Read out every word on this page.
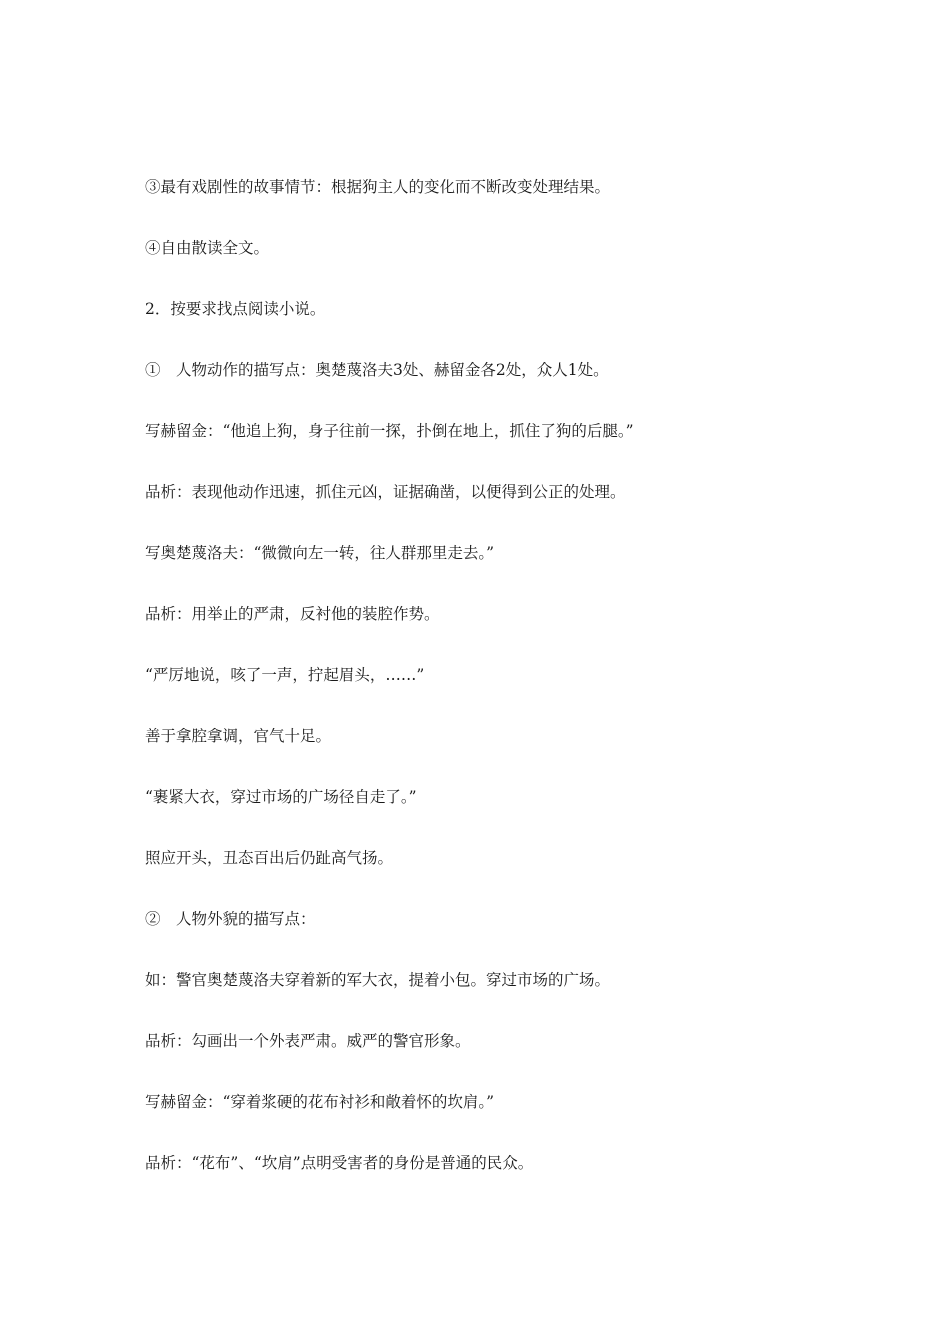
③最有戏剧性的故事情节：根据狗主人的变化而不断改变处理结果。

④自由散读全文。

2．按要求找点阅读小说。

①　人物动作的描写点：奥楚蔑洛夫3处、赫留金各2处，众人1处。

写赫留金：“他追上狗，身子往前一探，扑倒在地上，抓住了狗的后腿。”

品析：表现他动作迅速，抓住元凶，证据确凿，以便得到公正的处理。

写奥楚蔑洛夫：“微微向左一转，往人群那里走去。”

品析：用举止的严肃，反衬他的装腔作势。

“严厉地说，咳了一声，拧起眉头，……”

善于拿腔拿调，官气十足。

“裹紧大衣，穿过市场的广场径自走了。”

照应开头，丑态百出后仍趾高气扬。

②　人物外貌的描写点：

如：警官奥楚蔑洛夫穿着新的军大衣，提着小包。穿过市场的广场。

品析：勾画出一个外表严肃。威严的警官形象。

写赫留金：“穿着浆硬的花布衬衫和敞着怀的坎肩。”

品析：“花布”、“坎肩”点明受害者的身份是普通的民众。
